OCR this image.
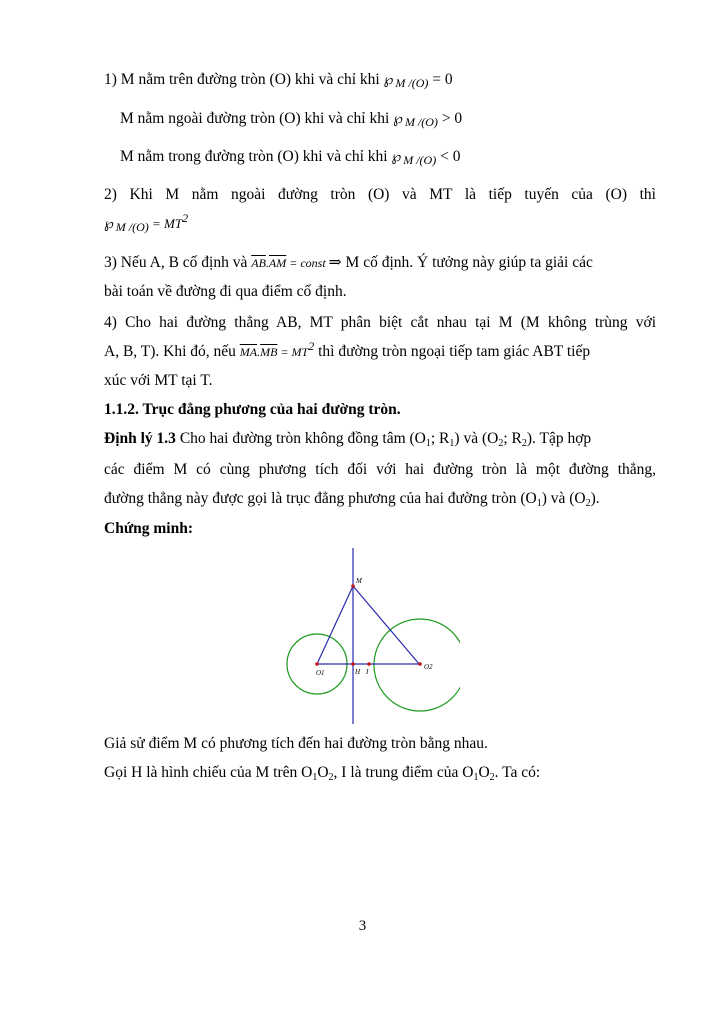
1) M nằm trên đường tròn (O) khi và chỉ khi ℘ $_{M /(O)}$ = 0
M nằm ngoài đường tròn (O) khi và chỉ khi ℘ $_{M /(O)}$ > 0
M nằm trong đường tròn (O) khi và chỉ khi ℘ $_{M /(O)}$ < 0
2) Khi M nằm ngoài đường tròn (O) và MT là tiếp tuyến của (O) thì
℘ $_{M /(O)} = MT^2$
3) Nếu A, B cố định và $\overline{AB}.\overline{AM}$ = const ⇒ M cố định. Ý tưởng này giúp ta giải các
bài toán về đường đi qua điểm cố định.
4) Cho hai đường thẳng AB, MT phân biệt cắt nhau tại M (M không trùng với
A, B, T). Khi đó, nếu $\overline{MA}.\overline{MB} = MT^2$ thì đường tròn ngoại tiếp tam giác ABT tiếp
xúc với MT tại T.
1.1.2. Trục đẳng phương của hai đường tròn.
Định lý 1.3 Cho hai đường tròn không đồng tâm ($O_1$; $R_1$) và ($O_2$; $R_2$). Tập hợp
các điểm M có cùng phương tích đối với hai đường tròn là một đường thẳng,
đường thẳng này được gọi là trục đẳng phương của hai đường tròn $(O_1)$ và $(O_2)$.
Chứng minh:
M
O1	H I
O2
Giả sử điểm M có phương tích đến hai đường tròn bằng nhau.
Gọi H là hình chiếu của M trên $O_1O_2$, I là trung điểm của $O_1O_2$. Ta có:
3
